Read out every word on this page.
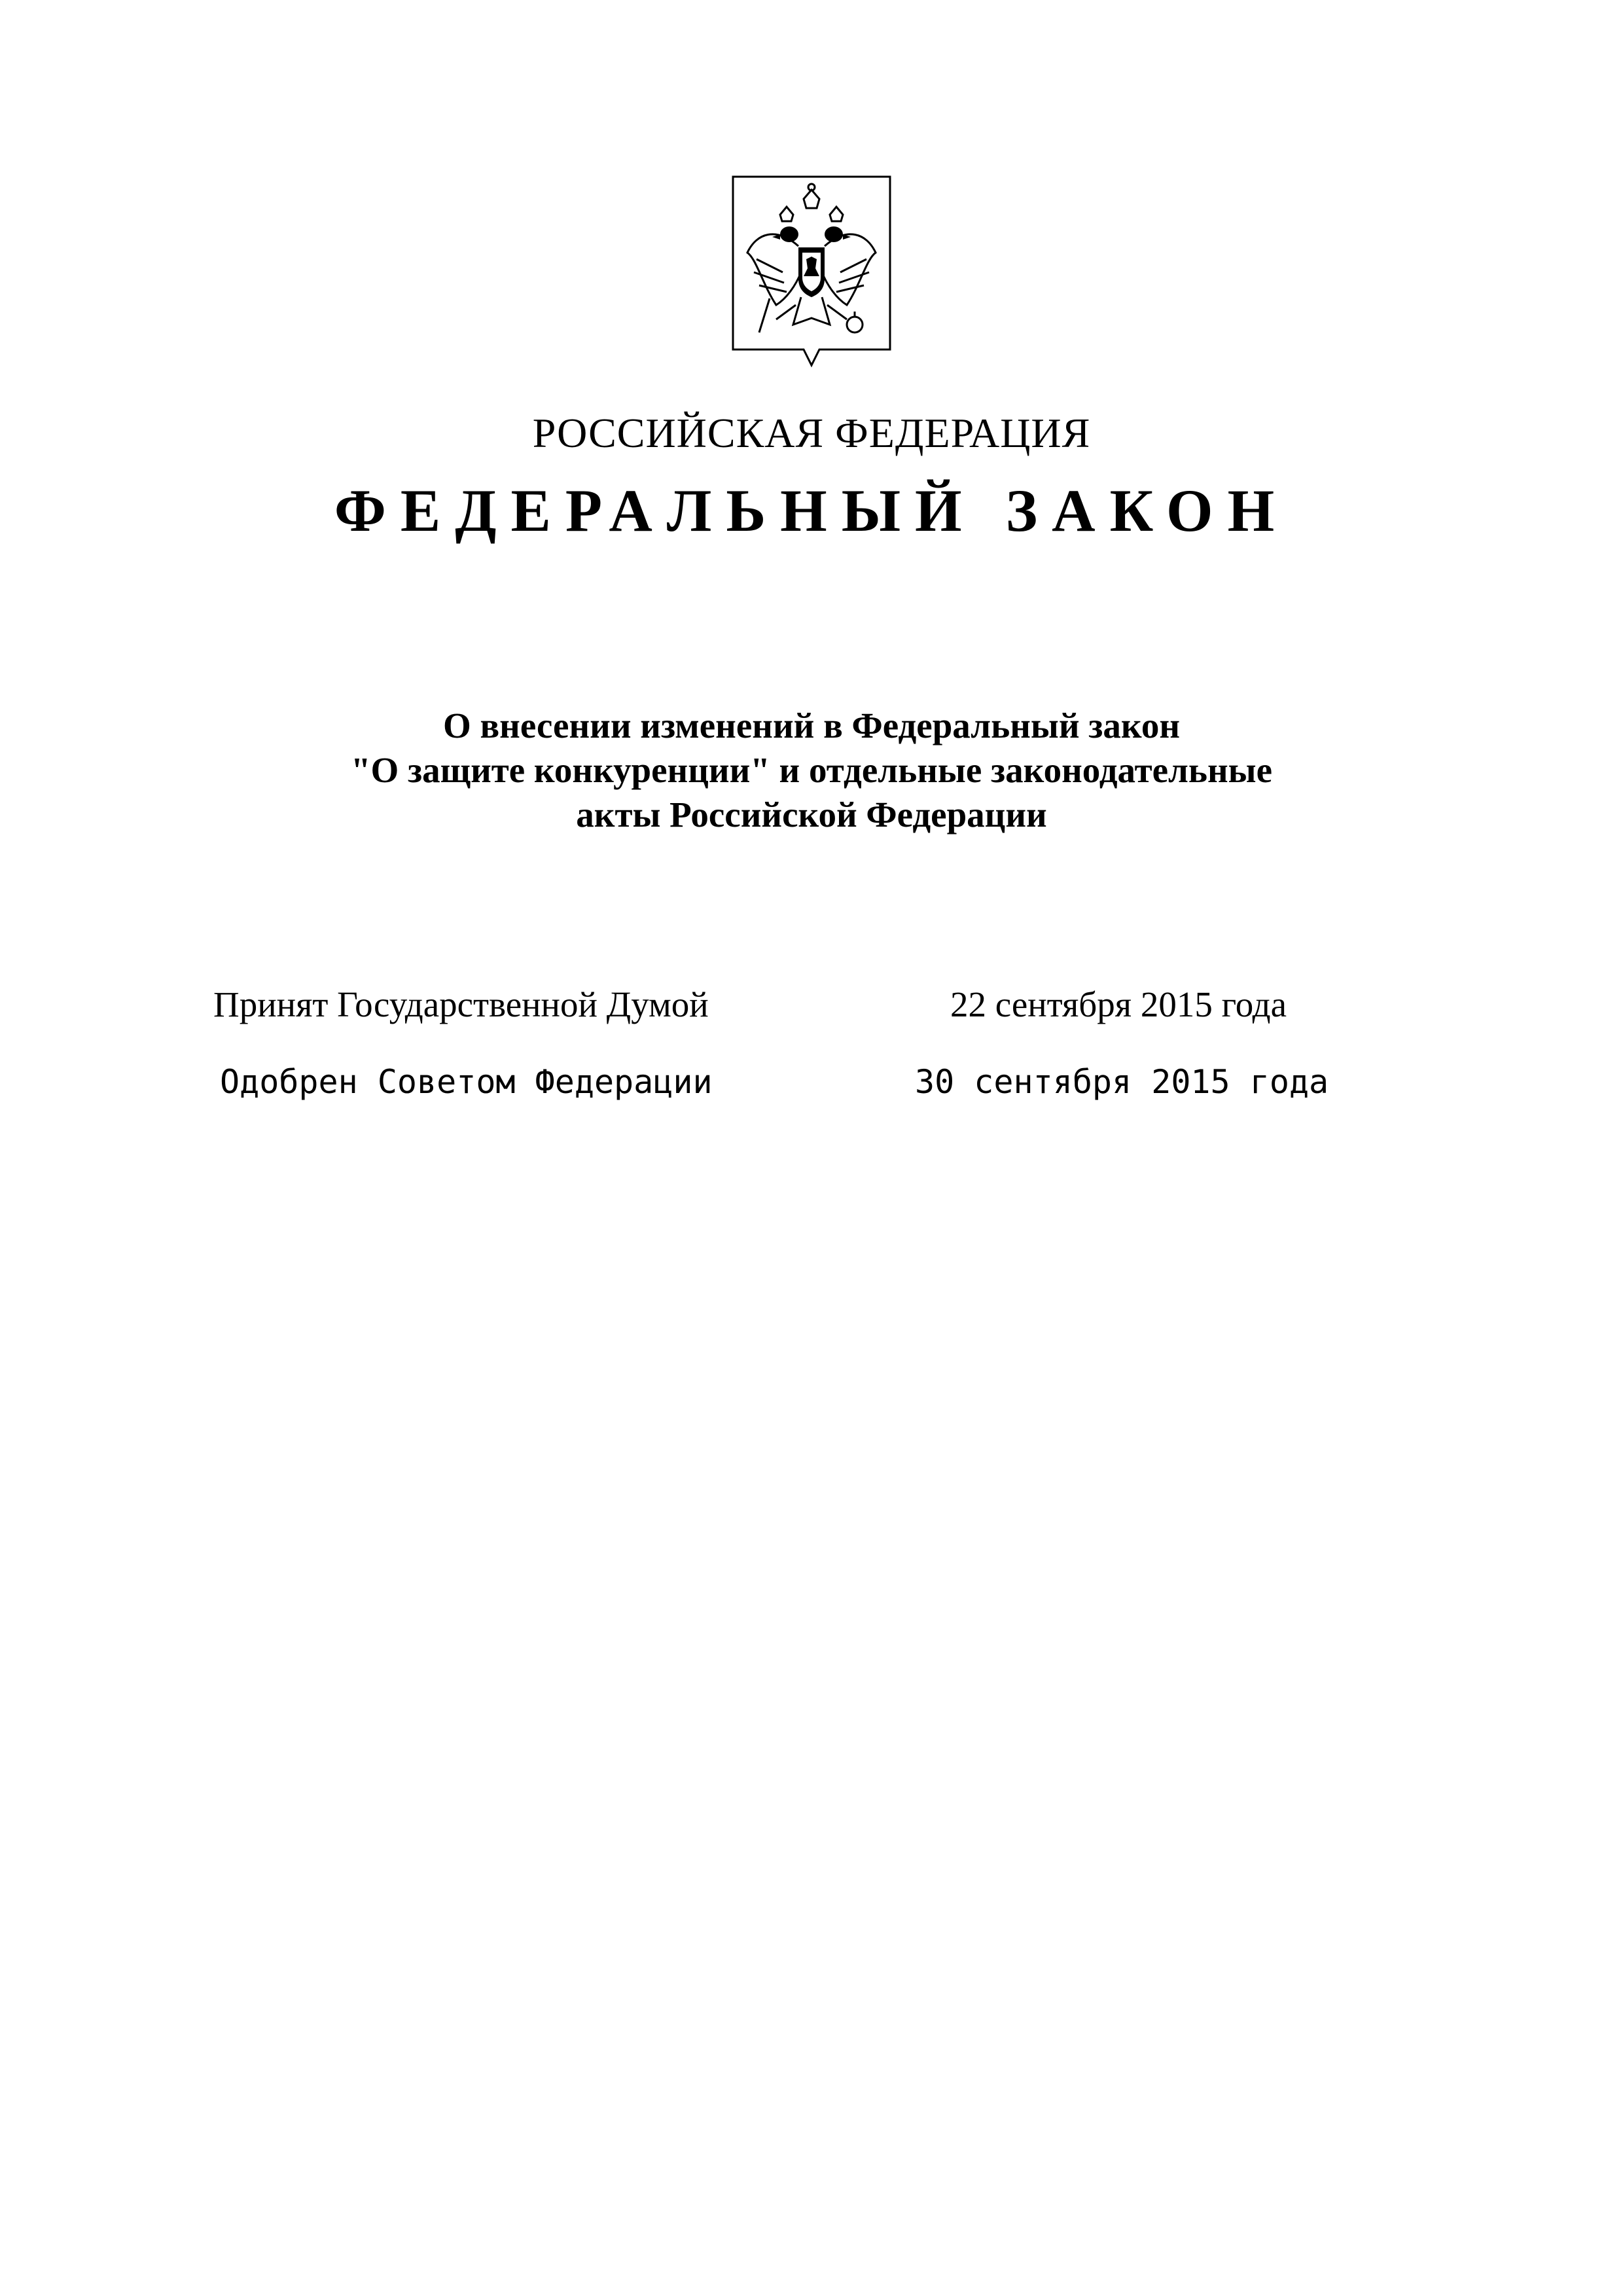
РОССИЙСКАЯ ФЕДЕРАЦИЯ
ФЕДЕРАЛЬНЫЙ ЗАКОН
О внесении изменений в Федеральный закон
"О защите конкуренции" и отдельные законодательные
акты Российской Федерации
Принят Государственной Думой	22 сентября 2015 года
Одобрен Советом Федерации	30 сентября 2015 года
